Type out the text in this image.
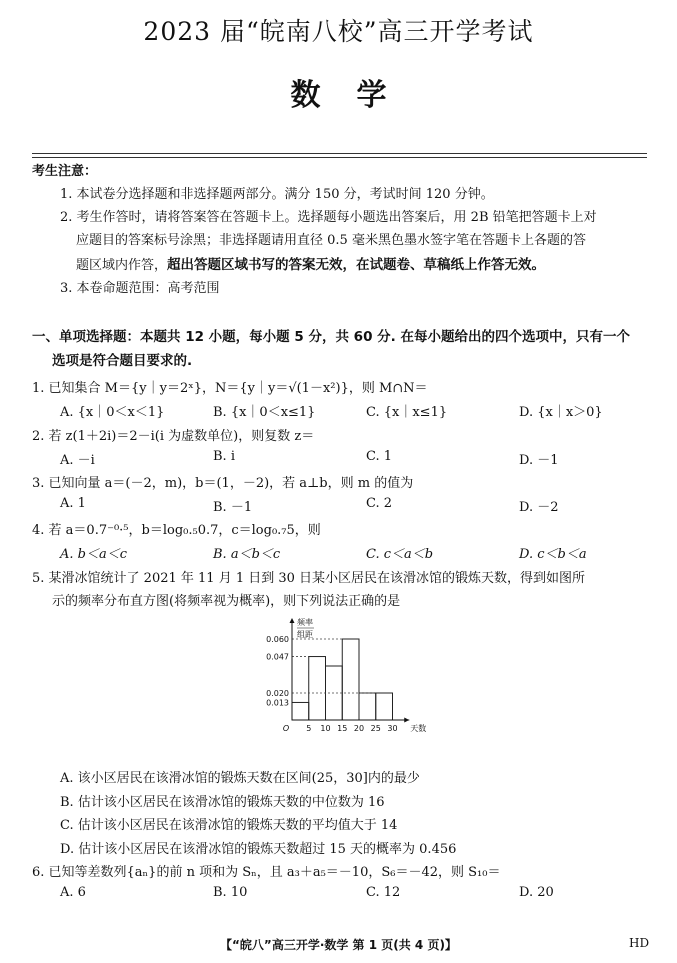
2023 届“皖南八校”高三开学考试
数学
考生注意：
1. 本试卷分选择题和非选择题两部分。满分 150 分，考试时间 120 分钟。
2. 考生作答时，请将答案答在答题卡上。选择题每小题选出答案后，用 2B 铅笔把答题卡上对
应题目的答案标号涂黑；非选择题请用直径 0.5 毫米黑色墨水签字笔在答题卡上各题的答
题区域内作答，超出答题区域书写的答案无效，在试题卷、草稿纸上作答无效。
3. 本卷命题范围：高考范围
一、单项选择题：本题共 12 小题，每小题 5 分，共 60 分. 在每小题给出的四个选项中，只有一个
选项是符合题目要求的.
1. 已知集合 M＝{y｜y＝2ˣ}，N＝{y｜y＝√(1－x²)}，则 M∩N＝
A. {x｜0＜x＜1}	B. {x｜0＜x≤1}	C. {x｜x≤1}	D. {x｜x＞0}
2. 若 z(1＋2i)＝2－i(i 为虚数单位)，则复数 z＝
A. －i	B. i	C. 1	D. －1
3. 已知向量 a＝(－2，m)，b＝(1，－2)，若 a⊥b，则 m 的值为
A. 1	B. －1	C. 2	D. －2
4. 若 a＝0.7⁻⁰·⁵，b＝log₀.₅0.7，c＝log₀.₇5，则
A. b＜a＜c	B. a＜b＜c	C. c＜a＜b	D. c＜b＜a
5. 某滑冰馆统计了 2021 年 11 月 1 日到 30 日某小区居民在该滑冰馆的锻炼天数，得到如图所
示的频率分布直方图(将频率视为概率)，则下列说法正确的是
0.060
0.047
0.020
0.013
5 10 15 20 25 30
O	天数
频率
组距
A. 该小区居民在该滑冰馆的锻炼天数在区间(25，30]内的最少
B. 估计该小区居民在该滑冰馆的锻炼天数的中位数为 16
C. 估计该小区居民在该滑冰馆的锻炼天数的平均值大于 14
D. 估计该小区居民在该滑冰馆的锻炼天数超过 15 天的概率为 0.456
6. 已知等差数列{aₙ}的前 n 项和为 Sₙ，且 a₃＋a₅＝－10，S₆＝－42，则 S₁₀＝
A. 6	B. 10	C. 12	D. 20
【“皖八”高三开学·数学 第 1 页(共 4 页)】	HD
